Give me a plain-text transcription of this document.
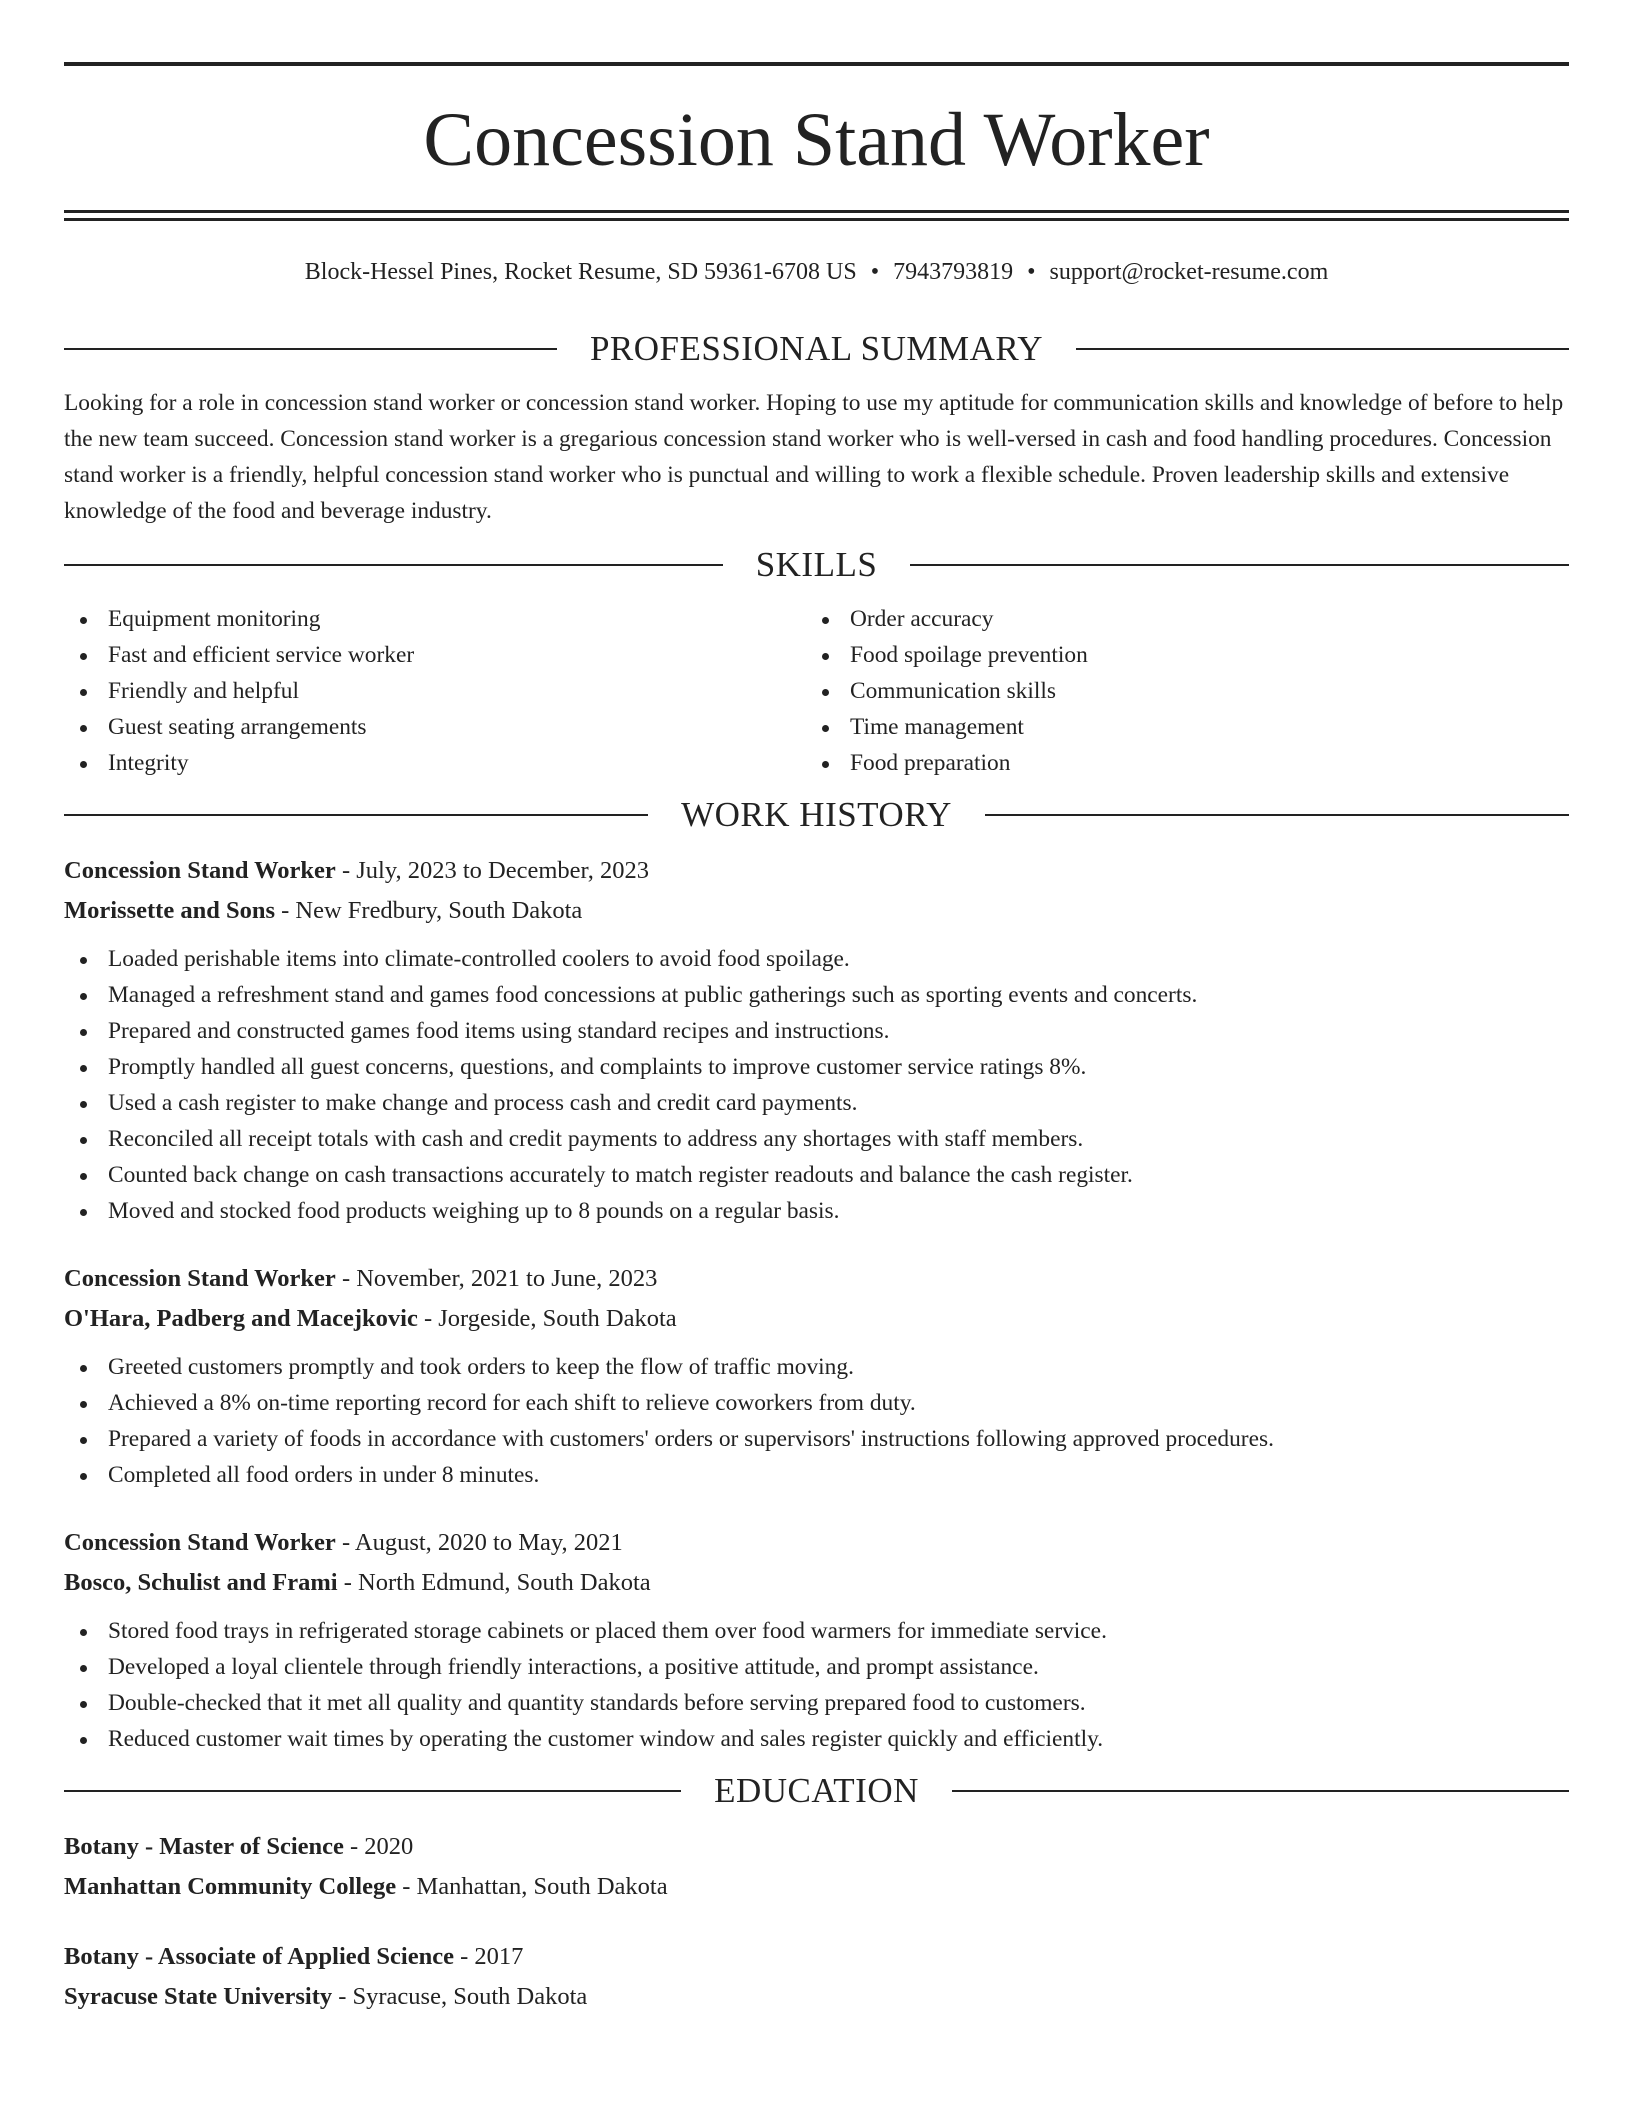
Concession Stand Worker
Block-Hessel Pines, Rocket Resume, SD 59361-6708 US • 7943793819 • support@rocket-resume.com
PROFESSIONAL SUMMARY

Looking for a role in concession stand worker or concession stand worker. Hoping to use my aptitude for communication skills and knowledge of before to help the new team succeed. Concession stand worker is a gregarious concession stand worker who is well-versed in cash and food handling procedures. Concession stand worker is a friendly, helpful concession stand worker who is punctual and willing to work a flexible schedule. Proven leadership skills and extensive knowledge of the food and beverage industry.

SKILLS
Equipment monitoring
Fast and efficient service worker
Friendly and helpful
Guest seating arrangements
Integrity
Order accuracy
Food spoilage prevention
Communication skills
Time management
Food preparation
WORK HISTORY
Concession Stand Worker - July, 2023 to December, 2023
Morissette and Sons - New Fredbury, South Dakota
Loaded perishable items into climate-controlled coolers to avoid food spoilage.
Managed a refreshment stand and games food concessions at public gatherings such as sporting events and concerts.
Prepared and constructed games food items using standard recipes and instructions.
Promptly handled all guest concerns, questions, and complaints to improve customer service ratings 8%.
Used a cash register to make change and process cash and credit card payments.
Reconciled all receipt totals with cash and credit payments to address any shortages with staff members.
Counted back change on cash transactions accurately to match register readouts and balance the cash register.
Moved and stocked food products weighing up to 8 pounds on a regular basis.
Concession Stand Worker - November, 2021 to June, 2023
O'Hara, Padberg and Macejkovic - Jorgeside, South Dakota
Greeted customers promptly and took orders to keep the flow of traffic moving.
Achieved a 8% on-time reporting record for each shift to relieve coworkers from duty.
Prepared a variety of foods in accordance with customers' orders or supervisors' instructions following approved procedures.
Completed all food orders in under 8 minutes.
Concession Stand Worker - August, 2020 to May, 2021
Bosco, Schulist and Frami - North Edmund, South Dakota
Stored food trays in refrigerated storage cabinets or placed them over food warmers for immediate service.
Developed a loyal clientele through friendly interactions, a positive attitude, and prompt assistance.
Double-checked that it met all quality and quantity standards before serving prepared food to customers.
Reduced customer wait times by operating the customer window and sales register quickly and efficiently.
EDUCATION
Botany - Master of Science - 2020
Manhattan Community College - Manhattan, South Dakota
Botany - Associate of Applied Science - 2017
Syracuse State University - Syracuse, South Dakota
